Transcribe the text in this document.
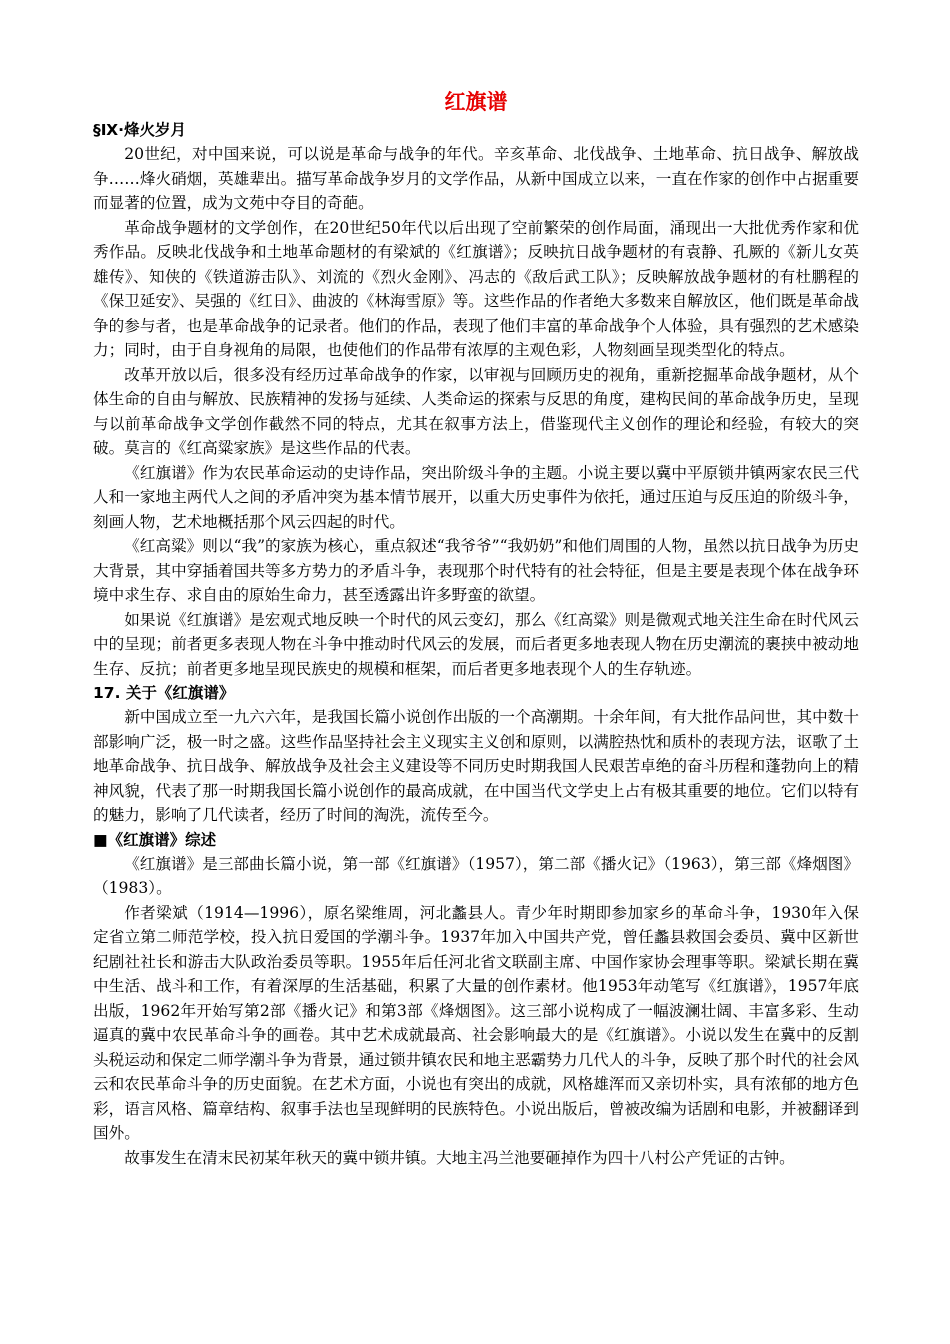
红旗谱
§Ⅸ·烽火岁月

20世纪，对中国来说，可以说是革命与战争的年代。辛亥革命、北伐战争、土地革命、抗日战争、解放战争……烽火硝烟，英雄辈出。描写革命战争岁月的文学作品，从新中国成立以来，一直在作家的创作中占据重要而显著的位置，成为文苑中夺目的奇葩。

革命战争题材的文学创作，在20世纪50年代以后出现了空前繁荣的创作局面，涌现出一大批优秀作家和优秀作品。反映北伐战争和土地革命题材的有梁斌的《红旗谱》；反映抗日战争题材的有袁静、孔厥的《新儿女英雄传》、知侠的《铁道游击队》、刘流的《烈火金刚》、冯志的《敌后武工队》；反映解放战争题材的有杜鹏程的《保卫延安》、吴强的《红日》、曲波的《林海雪原》等。这些作品的作者绝大多数来自解放区，他们既是革命战争的参与者，也是革命战争的记录者。他们的作品，表现了他们丰富的革命战争个人体验，具有强烈的艺术感染力；同时，由于自身视角的局限，也使他们的作品带有浓厚的主观色彩，人物刻画呈现类型化的特点。

改革开放以后，很多没有经历过革命战争的作家，以审视与回顾历史的视角，重新挖掘革命战争题材，从个体生命的自由与解放、民族精神的发扬与延续、人类命运的探索与反思的角度，建构民间的革命战争历史，呈现与以前革命战争文学创作截然不同的特点，尤其在叙事方法上，借鉴现代主义创作的理论和经验，有较大的突破。莫言的《红高粱家族》是这些作品的代表。

《红旗谱》作为农民革命运动的史诗作品，突出阶级斗争的主题。小说主要以冀中平原锁井镇两家农民三代人和一家地主两代人之间的矛盾冲突为基本情节展开，以重大历史事件为依托，通过压迫与反压迫的阶级斗争，刻画人物，艺术地概括那个风云四起的时代。

《红高粱》则以“我”的家族为核心，重点叙述“我爷爷”“我奶奶”和他们周围的人物，虽然以抗日战争为历史大背景，其中穿插着国共等多方势力的矛盾斗争，表现那个时代特有的社会特征，但是主要是表现个体在战争环境中求生存、求自由的原始生命力，甚至透露出许多野蛮的欲望。

如果说《红旗谱》是宏观式地反映一个时代的风云变幻，那么《红高粱》则是微观式地关注生命在时代风云中的呈现；前者更多表现人物在斗争中推动时代风云的发展，而后者更多地表现人物在历史潮流的裹挟中被动地生存、反抗；前者更多地呈现民族史的规模和框架，而后者更多地表现个人的生存轨迹。

17. 关于《红旗谱》

新中国成立至一九六六年，是我国长篇小说创作出版的一个高潮期。十余年间，有大批作品问世，其中数十部影响广泛，极一时之盛。这些作品坚持社会主义现实主义创和原则，以满腔热忱和质朴的表现方法，讴歌了土地革命战争、抗日战争、解放战争及社会主义建设等不同历史时期我国人民艰苦卓绝的奋斗历程和蓬勃向上的精神风貌，代表了那一时期我国长篇小说创作的最高成就，在中国当代文学史上占有极其重要的地位。它们以特有的魅力，影响了几代读者，经历了时间的淘洗，流传至今。

■《红旗谱》综述

《红旗谱》是三部曲长篇小说，第一部《红旗谱》（1957），第二部《播火记》（1963），第三部《烽烟图》（1983）。

作者梁斌（1914—1996），原名梁维周，河北蠡县人。青少年时期即参加家乡的革命斗争，1930年入保定省立第二师范学校，投入抗日爱国的学潮斗争。1937年加入中国共产党，曾任蠡县救国会委员、冀中区新世纪剧社社长和游击大队政治委员等职。1955年后任河北省文联副主席、中国作家协会理事等职。梁斌长期在冀中生活、战斗和工作，有着深厚的生活基础，积累了大量的创作素材。他1953年动笔写《红旗谱》，1957年底出版，1962年开始写第2部《播火记》和第3部《烽烟图》。这三部小说构成了一幅波澜壮阔、丰富多彩、生动逼真的冀中农民革命斗争的画卷。其中艺术成就最高、社会影响最大的是《红旗谱》。小说以发生在冀中的反割头税运动和保定二师学潮斗争为背景，通过锁井镇农民和地主恶霸势力几代人的斗争，反映了那个时代的社会风云和农民革命斗争的历史面貌。在艺术方面，小说也有突出的成就，风格雄浑而又亲切朴实，具有浓郁的地方色彩，语言风格、篇章结构、叙事手法也呈现鲜明的民族特色。小说出版后，曾被改编为话剧和电影，并被翻译到国外。

故事发生在清末民初某年秋天的冀中锁井镇。大地主冯兰池要砸掉作为四十八村公产凭证的古钟。
